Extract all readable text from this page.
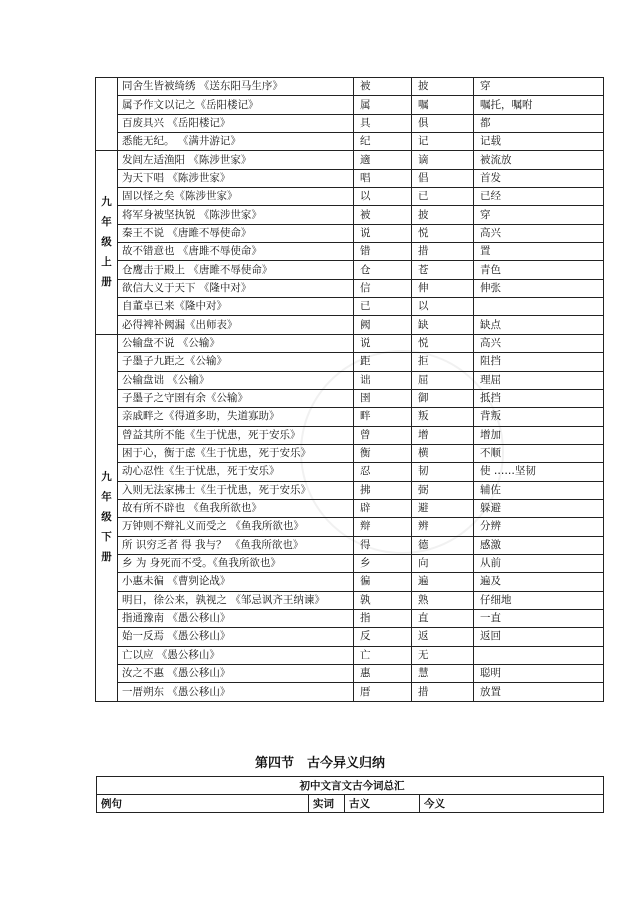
	同舍生皆被绮绣 《送东阳马生序》	被	披	穿
	属予作文以记之《岳阳楼记》	属	嘱	嘱托，嘱咐
	百废具兴 《岳阳楼记》	具	俱	都
	悉能无纪。 《满井游记》	纪	记	记载
九年级上册	发闾左适渔阳 《陈涉世家》	適	谪	被流放
	为天下唱 《陈涉世家》	唱	倡	首发
	固以怪之矣《陈涉世家》	以	已	已经
	将军身被坚执锐 《陈涉世家》	被	披	穿
	秦王不说 《唐雎不辱使命》	说	悦	高兴
	故不错意也 《唐雎不辱使命》	错	措	置
	仓鹰击于殿上 《唐雎不辱使命》	仓	苍	青色
	欲信大义于天下 《隆中对》	信	伸	伸张
	自董卓已来《隆中对》	已	以	
	必得裨补阙漏《出师表》	阙	缺	缺点
九年级下册	公输盘不说 《公输》	说	悦	高兴
	子墨子九距之《公输》	距	拒	阻挡
	公输盘诎 《公输》	诎	屈	理屈
	子墨子之守圉有余《公输》	圉	御	抵挡
	亲戚畔之《得道多助，失道寡助》	畔	叛	背叛
	曾益其所不能《生于忧患，死于安乐》	曾	增	增加
	困于心，衡于虑《生于忧患，死于安乐》	衡	横	不顺
	动心忍性《生于忧患，死于安乐》	忍	韧	使 ……坚韧
	入则无法家拂士《生于忧患，死于安乐》	拂	弼	辅佐
	故有所不辟也 《鱼我所欲也》	辟	避	躲避
	万钟则不辩礼义而受之 《鱼我所欲也》	辩	辨	分辨
	所 识穷乏者 得 我与？ 《鱼我所欲也》	得	德	感激
	乡 为 身死而不受。《鱼我所欲也》	乡	向	从前
	小惠未徧 《曹刿论战》	徧	遍	遍及
	明日，徐公来，孰视之 《邹忌讽齐王纳谏》	孰	熟	仔细地
	指通豫南 《愚公移山》	指	直	一直
	始一反焉 《愚公移山》	反	返	返回
	亡以应 《愚公移山》	亡	无	
	汝之不惠 《愚公移山》	惠	慧	聪明
	一厝朔东 《愚公移山》	厝	措	放置
第四节　古今异义归纳
初中文言文古今词总汇
例句	实词	古义	今义
